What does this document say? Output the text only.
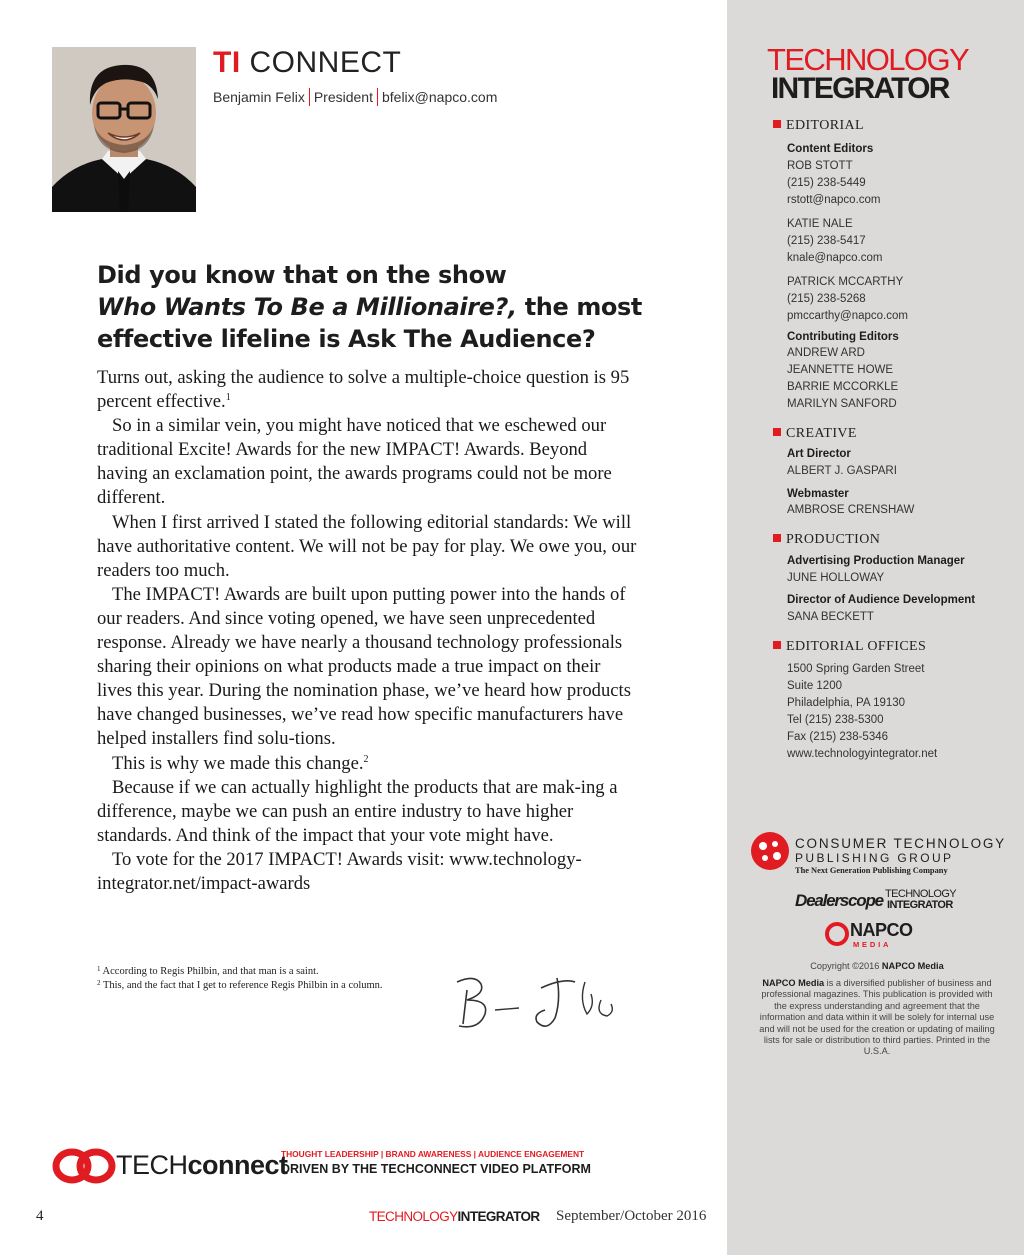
TI CONNECT
Benjamin Felix President bfelix@napco.com
Did you know that on the show
Who Wants To Be a Millionaire?, the most effective lifeline is Ask The Audience?

Turns out, asking the audience to solve a multiple-choice question is 95 percent effective.$^1$

So in a similar vein, you might have noticed that we eschewed our traditional Excite! Awards for the new IMPACT! Awards. Beyond having an exclamation point, the awards programs could not be more different.

When I first arrived I stated the following editorial standards: We will have authoritative content. We will not be pay for play. We owe you, our readers too much.

The IMPACT! Awards are built upon putting power into the hands of our readers. And since voting opened, we have seen unprecedented response. Already we have nearly a thousand technology professionals sharing their opinions on what products made a true impact on their lives this year. During the nomination phase, we’ve heard how products have changed businesses, we’ve read how specific manufacturers have helped installers find solu-tions.

This is why we made this change.$^2$

Because if we can actually highlight the products that are mak-ing a difference, maybe we can push an entire industry to have higher standards. And think of the impact that your vote might have.

To vote for the 2017 IMPACT! Awards visit: www.technology-integrator.net/impact-awards

$^1$ According to Regis Philbin, and that man is a saint.
$^2$ This, and the fact that I get to reference Regis Philbin in a column.
TECHconnect
THOUGHT LEADERSHIP | BRAND AWARENESS | AUDIENCE ENGAGEMENT
DRIVEN BY THE TECHCONNECT VIDEO PLATFORM
4	TECHNOLOGYINTEGRATOR September/October 2016
TECHNOLOGY
INTEGRATOR
EDITORIAL
Content Editors
ROB STOTT
(215) 238-5449
rstott@napco.com
KATIE NALE
(215) 238-5417
knale@napco.com
PATRICK MCCARTHY
(215) 238-5268
pmccarthy@napco.com
Contributing Editors
ANDREW ARD
JEANNETTE HOWE
BARRIE MCCORKLE
MARILYN SANFORD
CREATIVE
Art Director
ALBERT J. GASPARI
Webmaster
AMBROSE CRENSHAW
PRODUCTION
Advertising Production Manager
JUNE HOLLOWAY
Director of Audience Development
SANA BECKETT
EDITORIAL OFFICES
1500 Spring Garden Street
Suite 1200
Philadelphia, PA 19130
Tel (215) 238-5300
Fax (215) 238-5346
www.technologyintegrator.net
CONSUMER TECHNOLOGY
PUBLISHING GROUP
The Next Generation Publishing Company
Dealerscope TECHNOLOGY
INTEGRATOR
NAPCO
MEDIA
Copyright ©2016 NAPCO Media
NAPCO Media is a diversified publisher of business and professional magazines. This publication is provided with the express understanding and agreement that the information and data within it will be solely for internal use and will not be used for the creation or updating of mailing lists for sale or distribution to third parties. Printed in the U.S.A.
